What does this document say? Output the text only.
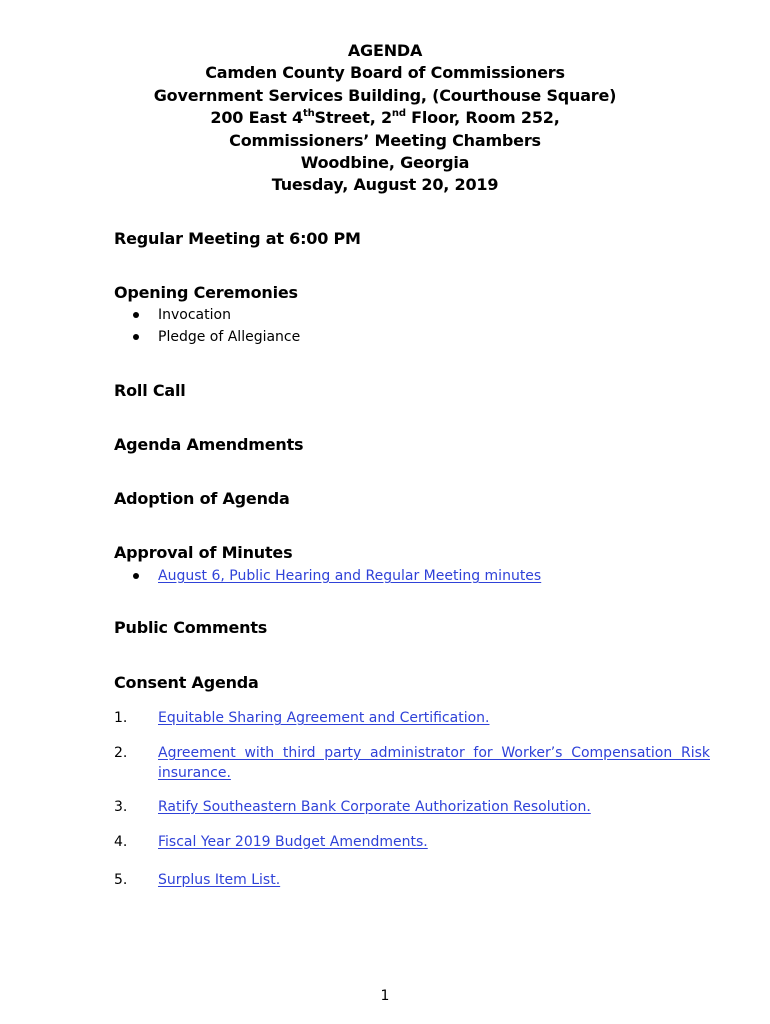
AGENDA
Camden County Board of Commissioners
Government Services Building, (Courthouse Square)
200 East 4thStreet, 2nd Floor, Room 252,
Commissioners’ Meeting Chambers
Woodbine, Georgia
Tuesday, August 20, 2019
Regular Meeting at 6:00 PM
Opening Ceremonies
Invocation
Pledge of Allegiance
Roll Call
Agenda Amendments
Adoption of Agenda
Approval of Minutes
August 6, Public Hearing and Regular Meeting minutes
Public Comments
Consent Agenda
1. Equitable Sharing Agreement and Certification.
2. Agreement with third party administrator for Worker’s Compensation Risk
insurance.
3. Ratify Southeastern Bank Corporate Authorization Resolution.
4. Fiscal Year 2019 Budget Amendments.
5. Surplus Item List.
1
